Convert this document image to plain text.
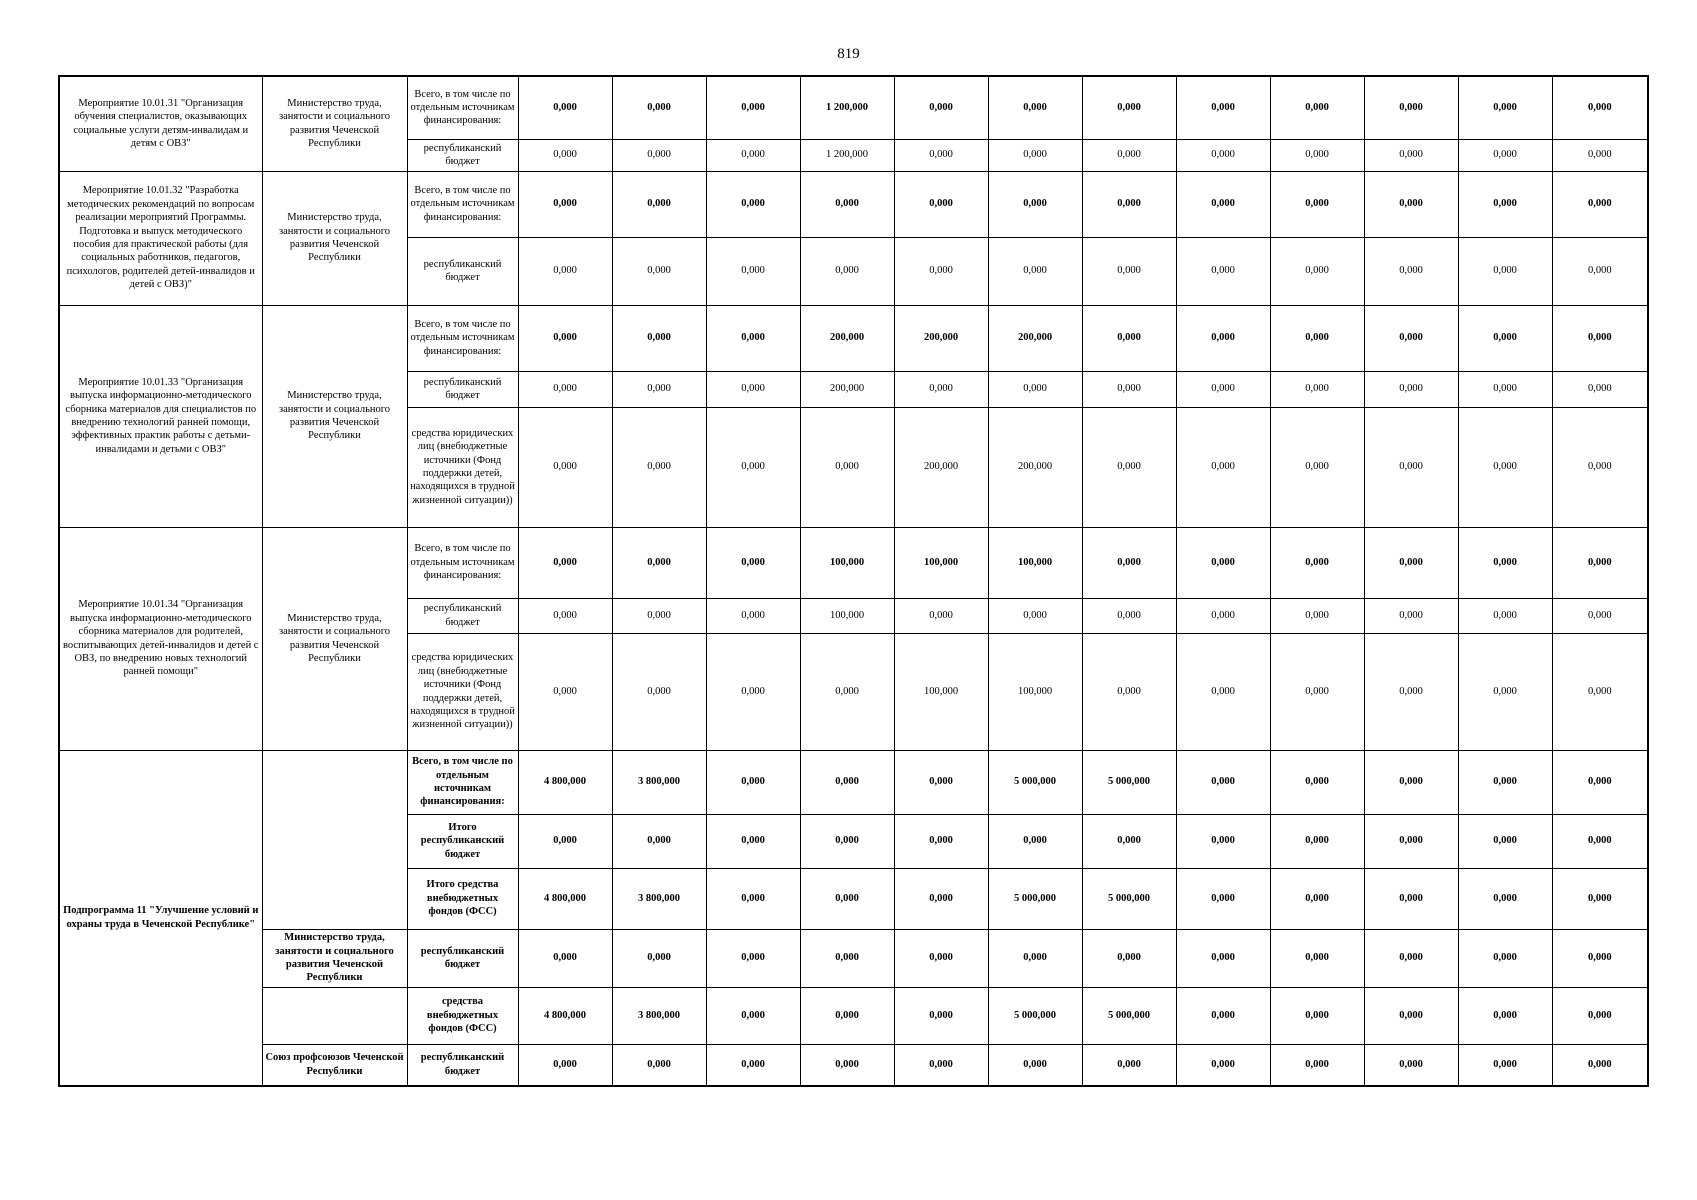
819
Мероприятие 10.01.31 "Организация обучения специалистов, оказывающих социальные услуги детям-инвалидам и детям с ОВЗ"	Министерство труда, занятости и социального развития Чеченской Республики	Всего, в том числе по отдельным источникам финансирования:	0,000	0,000	0,000	1 200,000	0,000	0,000	0,000	0,000	0,000	0,000	0,000	0,000
		республиканский бюджет	0,000	0,000	0,000	1 200,000	0,000	0,000	0,000	0,000	0,000	0,000	0,000	0,000
Мероприятие 10.01.32 "Разработка методических рекомендаций по вопросам реализации мероприятий Программы. Подготовка и выпуск методического пособия для практической работы (для социальных работников, педагогов, психологов, родителей детей-инвалидов и детей с ОВЗ)"	Министерство труда, занятости и социального развития Чеченской Республики	Всего, в том числе по отдельным источникам финансирования:	0,000	0,000	0,000	0,000	0,000	0,000	0,000	0,000	0,000	0,000	0,000	0,000
		республиканский бюджет	0,000	0,000	0,000	0,000	0,000	0,000	0,000	0,000	0,000	0,000	0,000	0,000
Мероприятие 10.01.33 "Организация выпуска информационно-методического сборника материалов для специалистов по внедрению технологий ранней помощи, эффективных практик работы с детьми-инвалидами и детьми с ОВЗ"	Министерство труда, занятости и социального развития Чеченской Республики	Всего, в том числе по отдельным источникам финансирования:	0,000	0,000	0,000	200,000	200,000	200,000	0,000	0,000	0,000	0,000	0,000	0,000
		республиканский бюджет	0,000	0,000	0,000	200,000	0,000	0,000	0,000	0,000	0,000	0,000	0,000	0,000
		средства юридических лиц (внебюджетные источники (Фонд поддержки детей, находящихся в трудной жизненной ситуации))	0,000	0,000	0,000	0,000	200,000	200,000	0,000	0,000	0,000	0,000	0,000	0,000
Мероприятие 10.01.34 "Организация выпуска информационно-методического сборника материалов для родителей, воспитывающих детей-инвалидов и детей с ОВЗ, по внедрению новых технологий ранней помощи"	Министерство труда, занятости и социального развития Чеченской Республики	Всего, в том числе по отдельным источникам финансирования:	0,000	0,000	0,000	100,000	100,000	100,000	0,000	0,000	0,000	0,000	0,000	0,000
		республиканский бюджет	0,000	0,000	0,000	100,000	0,000	0,000	0,000	0,000	0,000	0,000	0,000	0,000
		средства юридических лиц (внебюджетные источники (Фонд поддержки детей, находящихся в трудной жизненной ситуации))	0,000	0,000	0,000	0,000	100,000	100,000	0,000	0,000	0,000	0,000	0,000	0,000
Подпрограмма 11 "Улучшение условий и охраны труда в Чеченской Республике"		Всего, в том числе по отдельным источникам финансирования:	4 800,000	3 800,000	0,000	0,000	0,000	5 000,000	5 000,000	0,000	0,000	0,000	0,000	0,000
		Итого республиканский бюджет	0,000	0,000	0,000	0,000	0,000	0,000	0,000	0,000	0,000	0,000	0,000	0,000
		Итого средства внебюджетных фондов (ФСС)	4 800,000	3 800,000	0,000	0,000	0,000	5 000,000	5 000,000	0,000	0,000	0,000	0,000	0,000
	Министерство труда, занятости и социального развития Чеченской Республики	республиканский бюджет	0,000	0,000	0,000	0,000	0,000	0,000	0,000	0,000	0,000	0,000	0,000	0,000
		средства внебюджетных фондов (ФСС)	4 800,000	3 800,000	0,000	0,000	0,000	5 000,000	5 000,000	0,000	0,000	0,000	0,000	0,000
	Союз профсоюзов Чеченской Республики	республиканский бюджет	0,000	0,000	0,000	0,000	0,000	0,000	0,000	0,000	0,000	0,000	0,000	0,000
